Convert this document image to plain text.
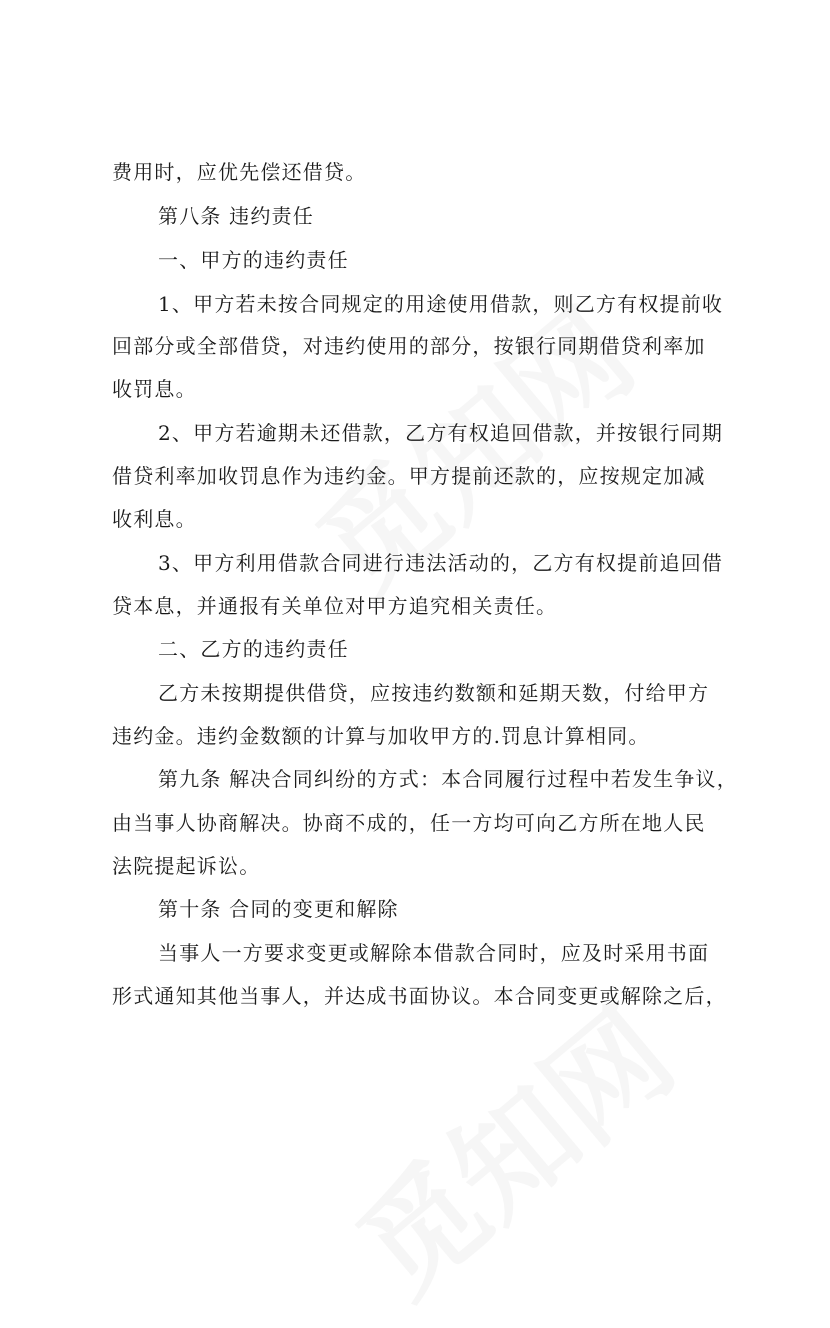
费用时，应优先偿还借贷。
第八条 违约责任
一、甲方的违约责任
1、甲方若未按合同规定的用途使用借款，则乙方有权提前收
回部分或全部借贷，对违约使用的部分，按银行同期借贷利率加
收罚息。
2、甲方若逾期未还借款，乙方有权追回借款，并按银行同期
借贷利率加收罚息作为违约金。甲方提前还款的，应按规定加减
收利息。
3、甲方利用借款合同进行违法活动的，乙方有权提前追回借
贷本息，并通报有关单位对甲方追究相关责任。
二、乙方的违约责任
乙方未按期提供借贷，应按违约数额和延期天数，付给甲方
违约金。违约金数额的计算与加收甲方的.罚息计算相同。
第九条 解决合同纠纷的方式：本合同履行过程中若发生争议，
由当事人协商解决。协商不成的，任一方均可向乙方所在地人民
法院提起诉讼。
第十条 合同的变更和解除
当事人一方要求变更或解除本借款合同时，应及时采用书面
形式通知其他当事人，并达成书面协议。本合同变更或解除之后，
